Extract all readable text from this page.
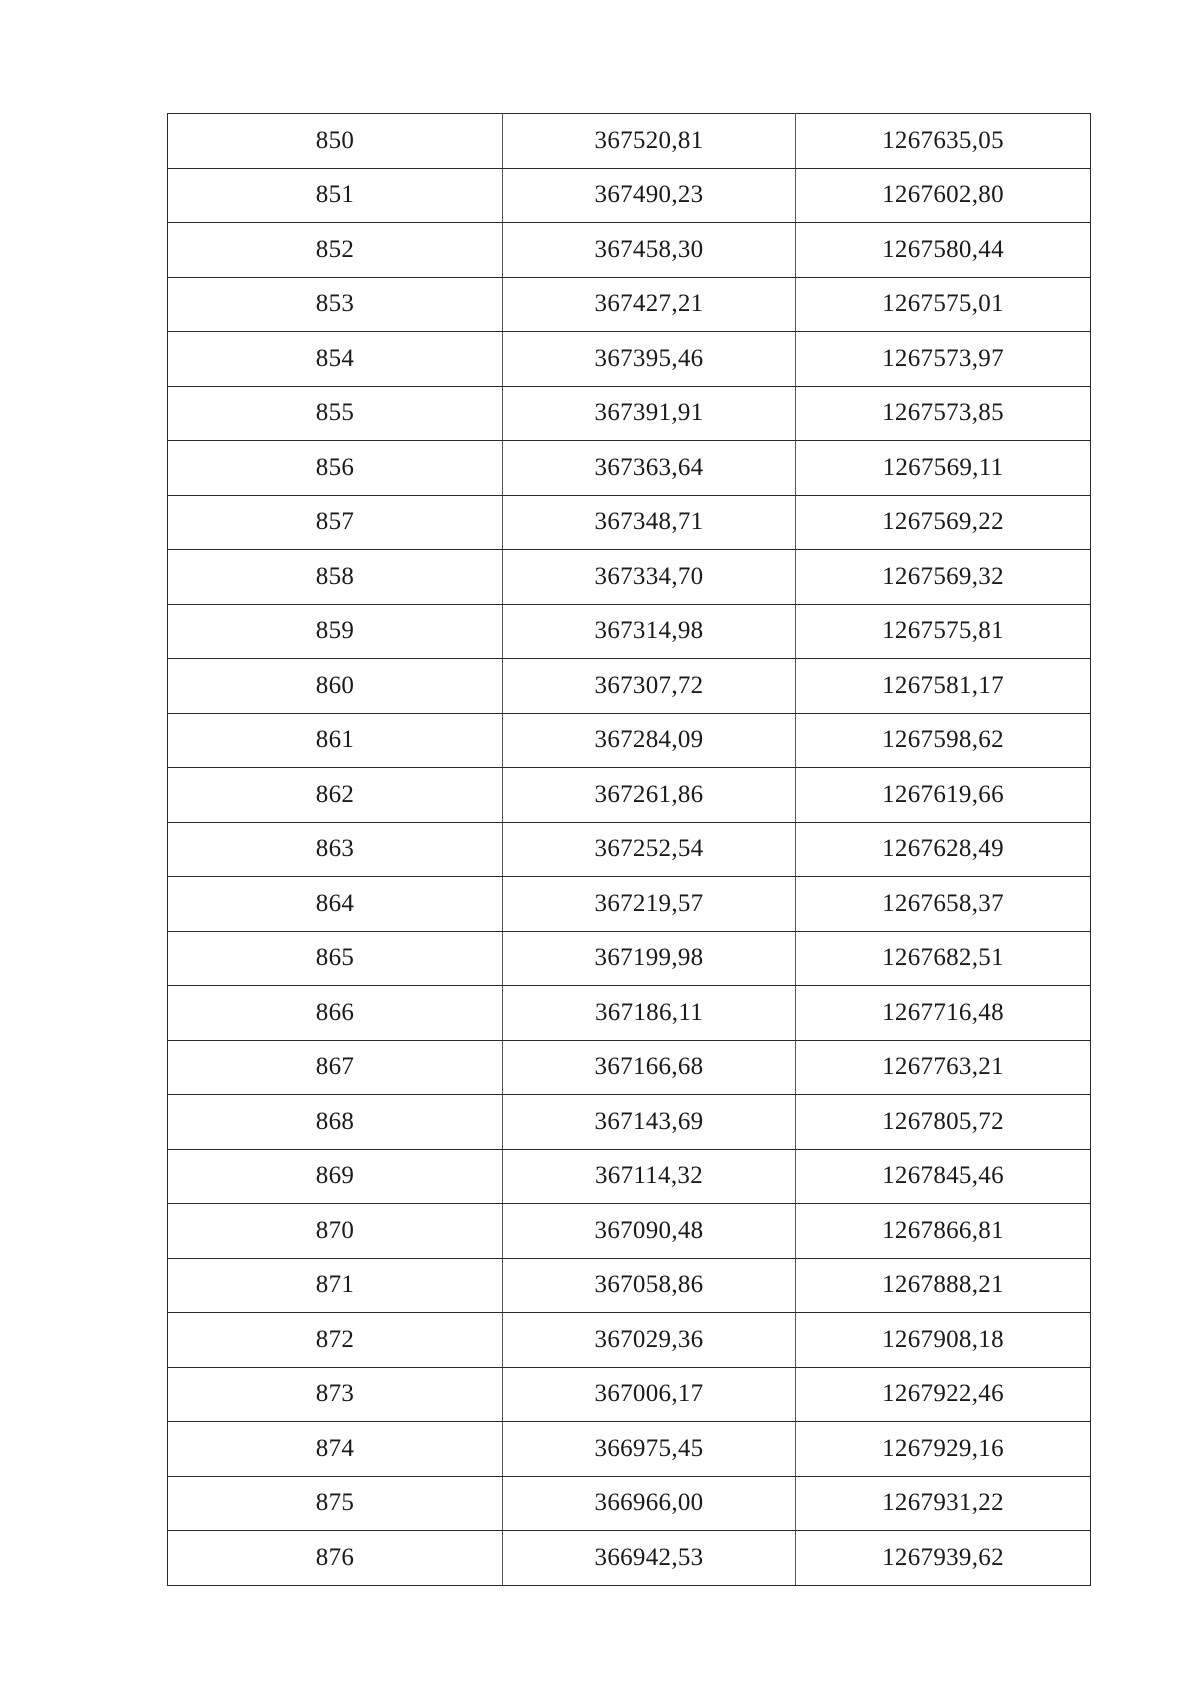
850	367520,81	1267635,05
851	367490,23	1267602,80
852	367458,30	1267580,44
853	367427,21	1267575,01
854	367395,46	1267573,97
855	367391,91	1267573,85
856	367363,64	1267569,11
857	367348,71	1267569,22
858	367334,70	1267569,32
859	367314,98	1267575,81
860	367307,72	1267581,17
861	367284,09	1267598,62
862	367261,86	1267619,66
863	367252,54	1267628,49
864	367219,57	1267658,37
865	367199,98	1267682,51
866	367186,11	1267716,48
867	367166,68	1267763,21
868	367143,69	1267805,72
869	367114,32	1267845,46
870	367090,48	1267866,81
871	367058,86	1267888,21
872	367029,36	1267908,18
873	367006,17	1267922,46
874	366975,45	1267929,16
875	366966,00	1267931,22
876	366942,53	1267939,62
